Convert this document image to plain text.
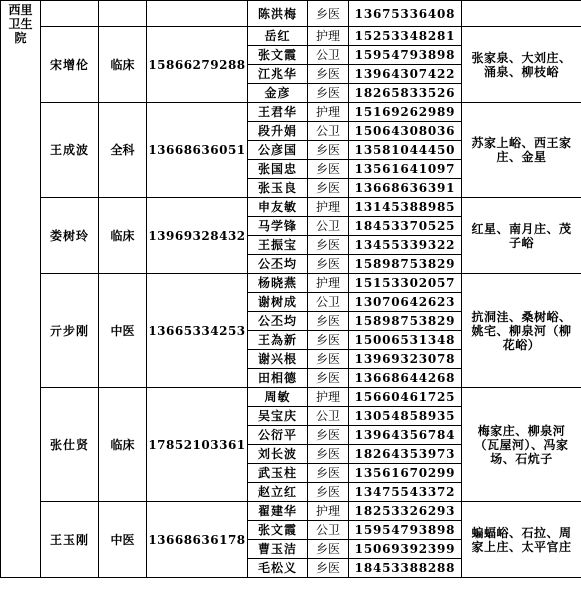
西里
卫生
院				陈洪梅	乡医	13675336408	
	宋增伦	临床	15866279288	岳红	护理	15253348281	张家泉、大刘庄、涌泉、柳枝峪
				张文霞	公卫	15954793898	
				江兆华	乡医	13964307422	
				金彦	乡医	18265833526	
	王成波	全科	13668636051	王君华	护理	15169262989	苏家上峪、西王家庄、金星
				段升娟	公卫	15064308036	
				公彦国	乡医	13581044450	
				张国忠	乡医	13561641097	
				张玉良	乡医	13668636391	
	娄树玲	临床	13969328432	申友敏	护理	13145388985	红星、南月庄、茂子峪
				马学锋	公卫	18453370525	
				王振宝	乡医	13455339322	
				公丕均	乡医	15898753829	
	亓步刚	中医	13665334253	杨晓燕	护理	15153302057	抗洞洼、桑树峪、姚宅、柳泉河（柳花峪）
				谢树成	公卫	13070642623	
				公丕均	乡医	15898753829	
				王為新	乡医	15006531348	
				谢兴根	乡医	13969323078	
				田相德	乡医	13668644268	
	张仕贤	临床	17852103361	周敏	护理	15660461725	梅家庄、柳泉河（瓦屋河）、冯家场、石炕子
				吴宝庆	公卫	13054858935	
				公衍平	乡医	13964356784	
				刘长波	乡医	18264353973	
				武玉柱	乡医	13561670299	
				赵立红	乡医	13475543372	
	王玉刚	中医	13668636178	翟建华	护理	18253326293	蝙蝠峪、石拉、周家上庄、太平官庄
				张文霞	公卫	15954793898	
				曹玉洁	乡医	15069392399	
				毛松义	乡医	18453388288	
